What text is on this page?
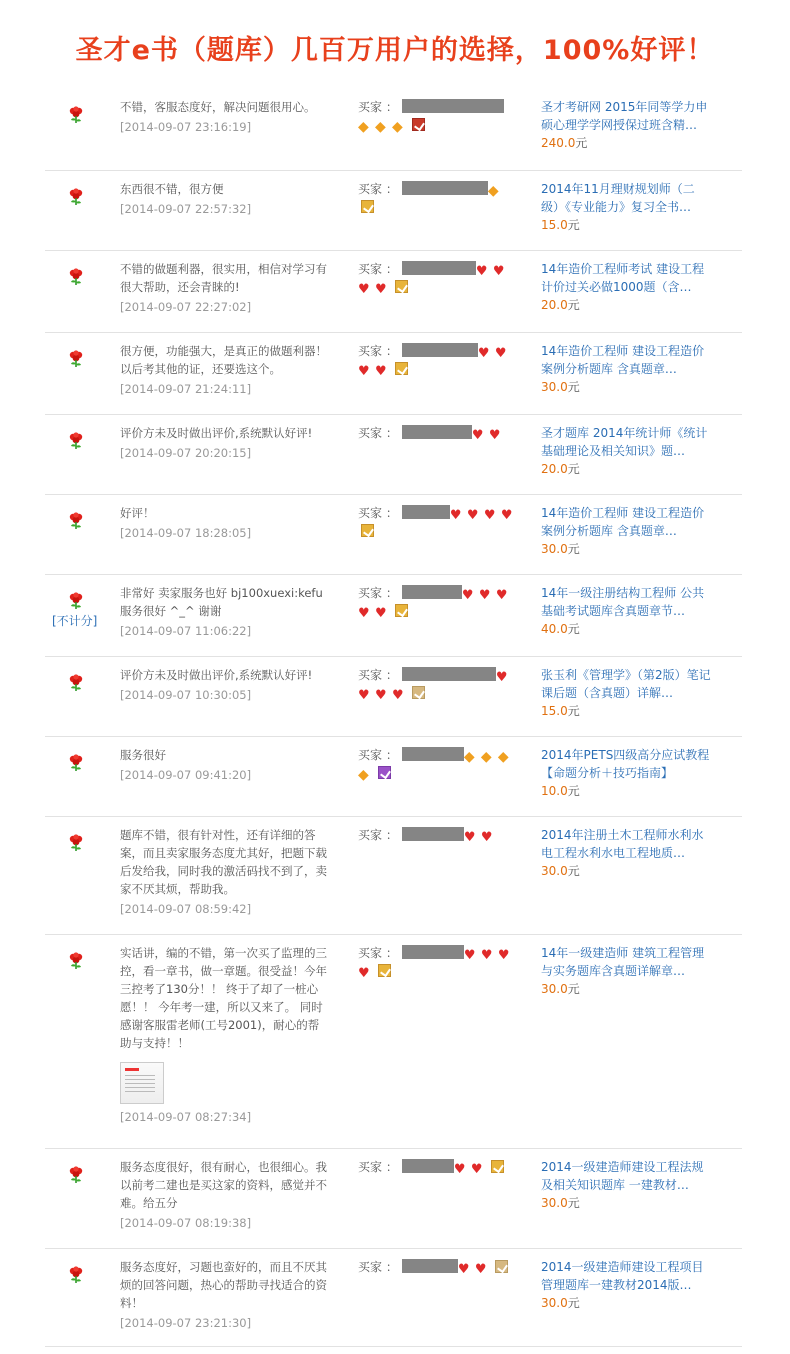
圣才e书（题库）几百万用户的选择，100%好评！
不错，客服态度好，解决问题很用心。
[2014-09-07 23:16:19]
买家 ：◆ ◆ ◆
圣才考研网 2015年同等学力申硕心理学学网授保过班含精…
240.0元
东西很不错，很方便
[2014-09-07 22:57:32]
买家 ：	◆	2014年11月理财规划师（二级）《专业能力》复习全书…
15.0元
不错的做题利器，很实用，相信对学习有很大帮助，还会青睐的!
[2014-09-07 22:27:02]
买家 ：	♥ ♥♥ ♥
14年造价工程师考试 建设工程计价过关必做1000题（含…
20.0元
很方便，功能强大，是真正的做题利器！以后考其他的证，还要选这个。
[2014-09-07 21:24:11]
买家 ：	♥ ♥♥ ♥
14年造价工程师 建设工程造价案例分析题库 含真题章…
30.0元
评价方未及时做出评价,系统默认好评!
[2014-09-07 20:20:15]
买家 ：	♥ ♥	圣才题库 2014年统计师《统计基础理论及相关知识》题…
20.0元
好评！
[2014-09-07 18:28:05]
买家 ：	♥ ♥ ♥ ♥	14年造价工程师 建设工程造价案例分析题库 含真题章…
30.0元
[不计分]
非常好 卖家服务也好 bj100xuexi:kefu 服务很好 ^_^ 谢谢
[2014-09-07 11:06:22]
买家 ：	♥ ♥ ♥♥ ♥
14年一级注册结构工程师 公共基础考试题库含真题章节…
40.0元
评价方未及时做出评价,系统默认好评!
[2014-09-07 10:30:05]
买家 ：	♥♥ ♥ ♥
张玉利《管理学》（第2版）笔记课后题（含真题）详解…
15.0元
服务很好
[2014-09-07 09:41:20]
买家 ：	◆ ◆ ◆◆
2014年PETS四级高分应试教程【命题分析＋技巧指南】
10.0元
题库不错，很有针对性，还有详细的答案，而且卖家服务态度尤其好，把题下载后发给我，同时我的激活码找不到了，卖家不厌其烦，帮助我。
[2014-09-07 08:59:42]
买家 ：	♥ ♥	2014年注册土木工程师水利水电工程水利水电工程地质…
30.0元
实话讲，编的不错，第一次买了监理的三控，看一章书，做一章题。很受益！今年三控考了130分！！ 终于了却了一桩心愿！！ 今年考一建，所以又来了。 同时感谢客服雷老师(工号2001)，耐心的帮助与支持！！
[2014-09-07 08:27:34]
买家 ：	♥ ♥ ♥♥
14年一级建造师 建筑工程管理与实务题库含真题详解章…
30.0元
服务态度很好，很有耐心，也很细心。我以前考二建也是买这家的资料，感觉并不难。给五分
[2014-09-07 08:19:38]
买家 ：	♥ ♥	2014一级建造师建设工程法规及相关知识题库 一建教材…
30.0元
服务态度好，习题也蛮好的，而且不厌其烦的回答问题，热心的帮助寻找适合的资料！
[2014-09-07 23:21:30]
买家 ：	♥ ♥	2014一级建造师建设工程项目管理题库一建教材2014版…
30.0元
